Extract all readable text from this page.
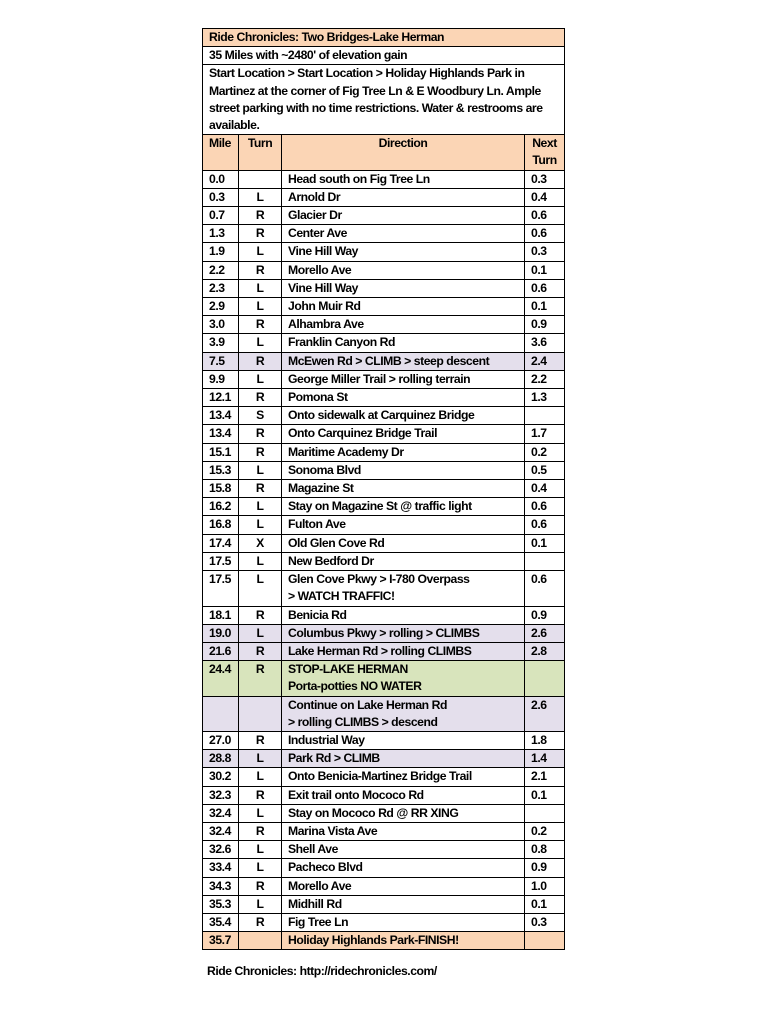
Ride Chronicles: Two Bridges-Lake Herman			
35 Miles with ~2480' of elevation gain			
Start Location > Start Location > Holiday Highlands Park in Martinez at the corner of Fig Tree Ln & E Woodbury Ln. Ample street parking with no time restrictions. Water & restrooms are available.			
Mile	Turn	Direction	Next Turn
0.0		Head south on Fig Tree Ln	0.3
0.3	L	Arnold Dr	0.4
0.7	R	Glacier Dr	0.6
1.3	R	Center Ave	0.6
1.9	L	Vine Hill Way	0.3
2.2	R	Morello Ave	0.1
2.3	L	Vine Hill Way	0.6
2.9	L	John Muir Rd	0.1
3.0	R	Alhambra Ave	0.9
3.9	L	Franklin Canyon Rd	3.6
7.5	R	McEwen Rd > CLIMB > steep descent	2.4
9.9	L	George Miller Trail > rolling terrain	2.2
12.1	R	Pomona St	1.3
13.4	S	Onto sidewalk at Carquinez Bridge	
13.4	R	Onto Carquinez Bridge Trail	1.7
15.1	R	Maritime Academy Dr	0.2
15.3	L	Sonoma Blvd	0.5
15.8	R	Magazine St	0.4
16.2	L	Stay on Magazine St @ traffic light	0.6
16.8	L	Fulton Ave	0.6
17.4	X	Old Glen Cove Rd	0.1
17.5	L	New Bedford Dr	
17.5	L	Glen Cove Pkwy > I-780 Overpass
> WATCH TRAFFIC!	0.6
18.1	R	Benicia Rd	0.9
19.0	L	Columbus Pkwy > rolling > CLIMBS	2.6
21.6	R	Lake Herman Rd > rolling CLIMBS	2.8
24.4	R	STOP-LAKE HERMAN
Porta-potties NO WATER	
		Continue on Lake Herman Rd
> rolling CLIMBS > descend	2.6
27.0	R	Industrial Way	1.8
28.8	L	Park Rd > CLIMB	1.4
30.2	L	Onto Benicia-Martinez Bridge Trail	2.1
32.3	R	Exit trail onto Mococo Rd	0.1
32.4	L	Stay on Mococo Rd @ RR XING	
32.4	R	Marina Vista Ave	0.2
32.6	L	Shell Ave	0.8
33.4	L	Pacheco Blvd	0.9
34.3	R	Morello Ave	1.0
35.3	L	Midhill Rd	0.1
35.4	R	Fig Tree Ln	0.3
35.7		Holiday Highlands Park-FINISH!	
Ride Chronicles: http://ridechronicles.com/
